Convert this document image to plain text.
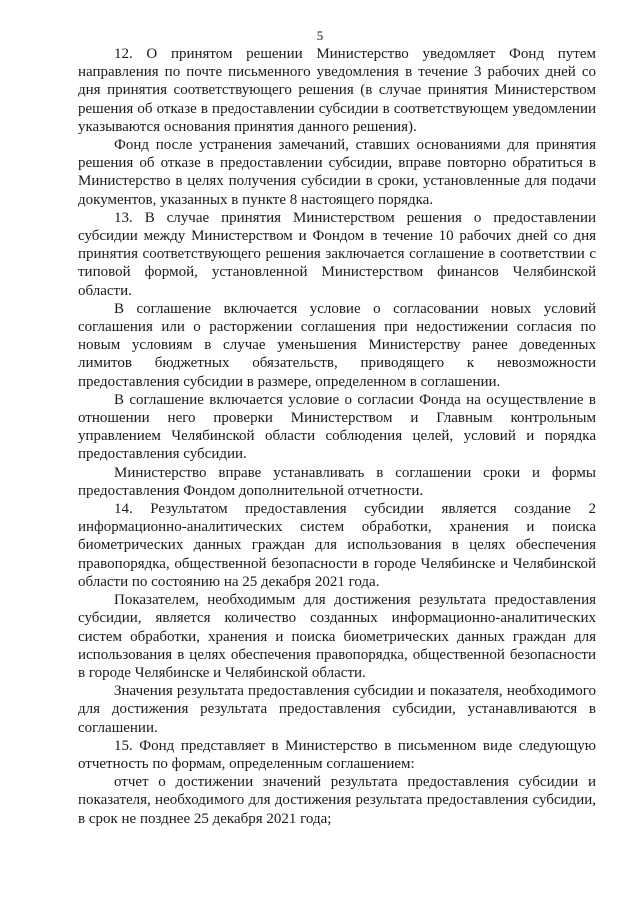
5

12. О принятом решении Министерство уведомляет Фонд путем направления по почте письменного уведомления в течение 3 рабочих дней со дня принятия соответствующего решения (в случае принятия Министерством решения об отказе в предоставлении субсидии в соответствующем уведомлении указываются основания принятия данного решения).

Фонд после устранения замечаний, ставших основаниями для принятия решения об отказе в предоставлении субсидии, вправе повторно обратиться в Министерство в целях получения субсидии в сроки, установленные для подачи документов, указанных в пункте 8 настоящего порядка.

13. В случае принятия Министерством решения о предоставлении субсидии между Министерством и Фондом в течение 10 рабочих дней со дня принятия соответствующего решения заключается соглашение в соответствии с типовой формой, установленной Министерством финансов Челябинской области.

В соглашение включается условие о согласовании новых условий соглашения или о расторжении соглашения при недостижении согласия по новым условиям в случае уменьшения Министерству ранее доведенных лимитов бюджетных обязательств, приводящего к невозможности предоставления субсидии в размере, определенном в соглашении.

В соглашение включается условие о согласии Фонда на осуществление в отношении него проверки Министерством и Главным контрольным управлением Челябинской области соблюдения целей, условий и порядка предоставления субсидии.

Министерство вправе устанавливать в соглашении сроки и формы предоставления Фондом дополнительной отчетности.

14. Результатом предоставления субсидии является создание 2 информационно-аналитических систем обработки, хранения и поиска биометрических данных граждан для использования в целях обеспечения правопорядка, общественной безопасности в городе Челябинске и Челябинской области по состоянию на 25 декабря 2021 года.

Показателем, необходимым для достижения результата предоставления субсидии, является количество созданных информационно-аналитических систем обработки, хранения и поиска биометрических данных граждан для использования в целях обеспечения правопорядка, общественной безопасности в городе Челябинске и Челябинской области.

Значения результата предоставления субсидии и показателя, необходимого для достижения результата предоставления субсидии, устанавливаются в соглашении.

15. Фонд представляет в Министерство в письменном виде следующую отчетность по формам, определенным соглашением:

отчет о достижении значений результата предоставления субсидии и показателя, необходимого для достижения результата предоставления субсидии, в срок не позднее 25 декабря 2021 года;
